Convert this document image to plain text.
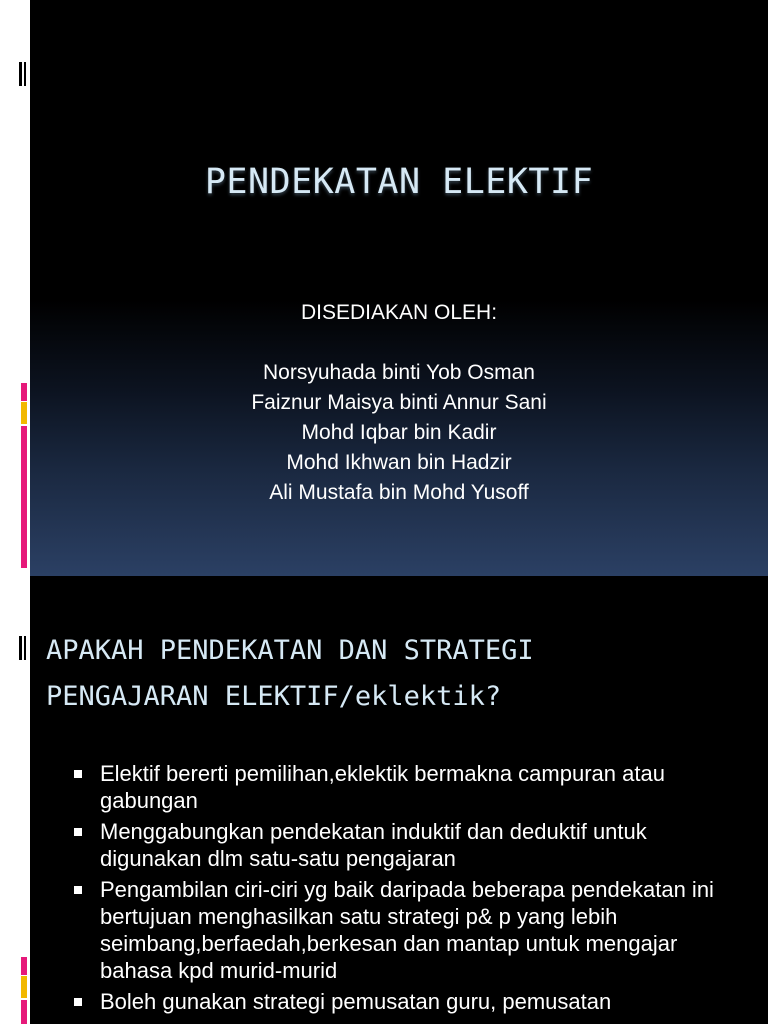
PENDEKATAN ELEKTIF
DISEDIAKAN OLEH:
Norsyuhada binti Yob Osman
Faiznur Maisya binti Annur Sani
Mohd Iqbar bin Kadir
Mohd Ikhwan bin Hadzir
Ali Mustafa bin Mohd Yusoff
APAKAH PENDEKATAN DAN STRATEGI
PENGAJARAN ELEKTIF/eklektik?
Elektif bererti pemilihan,eklektik bermakna campuran atau gabungan
Menggabungkan pendekatan induktif dan deduktif untuk digunakan dlm satu-satu pengajaran
Pengambilan ciri-ciri yg baik daripada beberapa pendekatan ini bertujuan menghasilkan satu strategi p& p yang lebih seimbang,berfaedah,berkesan dan mantap untuk mengajar bahasa kpd murid-murid
Boleh gunakan strategi pemusatan guru, pemusatan
